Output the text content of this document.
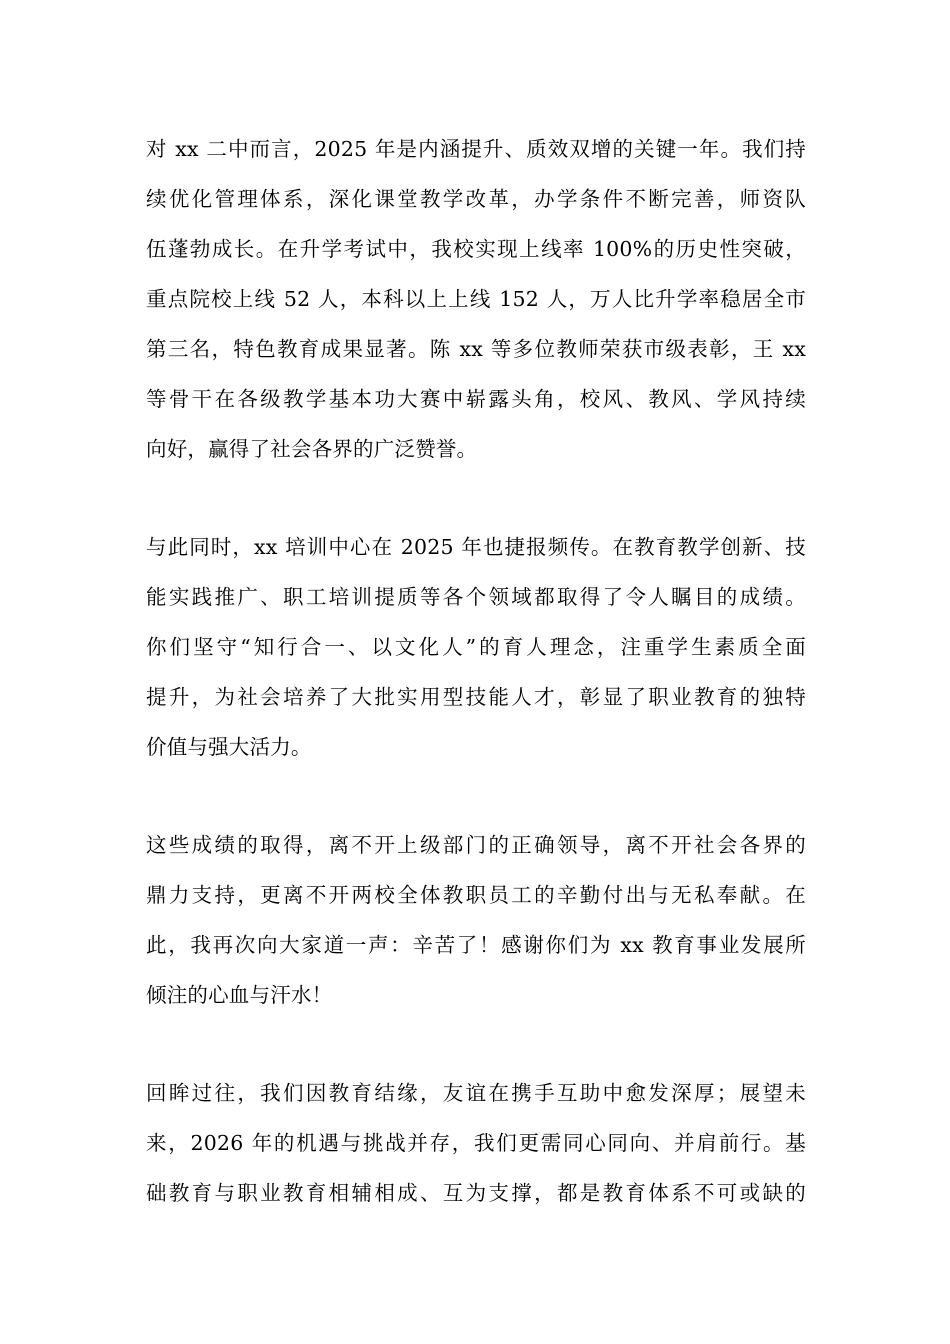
对 xx 二中而言，2025 年是内涵提升、质效双增的关键一年。我们持
续优化管理体系，深化课堂教学改革，办学条件不断完善，师资队
伍蓬勃成长。在升学考试中，我校实现上线率 100%的历史性突破，
重点院校上线 52 人，本科以上上线 152 人，万人比升学率稳居全市
第三名，特色教育成果显著。陈 xx 等多位教师荣获市级表彰，王 xx
等骨干在各级教学基本功大赛中崭露头角，校风、教风、学风持续
向好，赢得了社会各界的广泛赞誉。
与此同时，xx 培训中心在 2025 年也捷报频传。在教育教学创新、技
能实践推广、职工培训提质等各个领域都取得了令人瞩目的成绩。
你们坚守“知行合一、以文化人”的育人理念，注重学生素质全面
提升，为社会培养了大批实用型技能人才，彰显了职业教育的独特
价值与强大活力。
这些成绩的取得，离不开上级部门的正确领导，离不开社会各界的
鼎力支持，更离不开两校全体教职员工的辛勤付出与无私奉献。在
此，我再次向大家道一声：辛苦了！感谢你们为 xx 教育事业发展所
倾注的心血与汗水！
回眸过往，我们因教育结缘，友谊在携手互助中愈发深厚；展望未
来，2026 年的机遇与挑战并存，我们更需同心同向、并肩前行。基
础教育与职业教育相辅相成、互为支撑，都是教育体系不可或缺的
